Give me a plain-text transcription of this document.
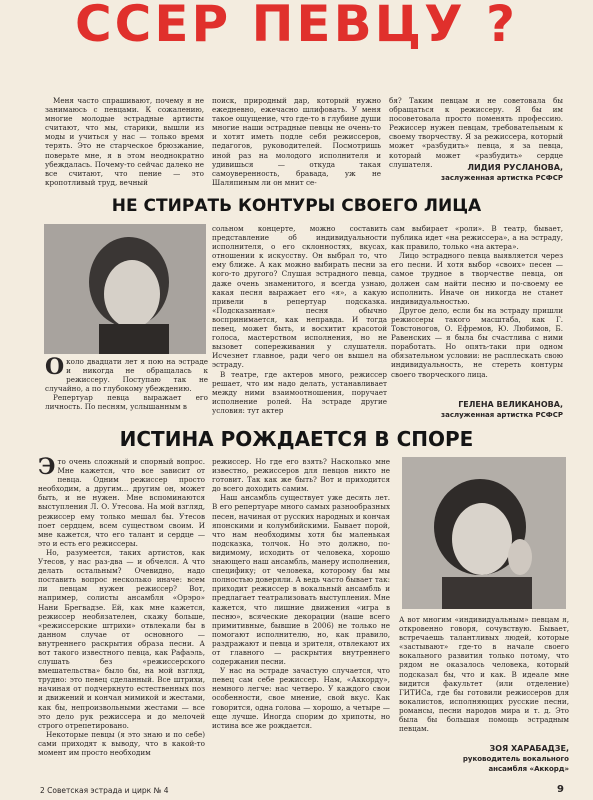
ССЕР ПЕВЦУ ?

Меня часто спрашивают, почему я не занимаюсь с певцами. К сожалению, многие молодые эстрадные артисты считают, что мы, старики, вышли из моды и учиться у нас — только время терять. Это не старческое брюзжание, поверьте мне, я в этом неоднократно убеждалась. Почему-то сейчас далеко не все считают, что пение — это кропотливый труд, вечный

поиск, природный дар, который нужно ежедневно, ежечасно шлифовать. У меня такое ощущение, что где-то в глубине души многие наши эстрадные певцы не очень-то и хотят иметь подле себя режиссеров, педагогов, руководителей. Посмотришь иной раз на молодого исполнителя и удивишься — откуда такая самоуверенность, бравада, уж не Шаляпиным ли он мнит се-

бя? Таким певцам я не советовала бы обращаться к режиссеру. Я бы им посоветовала просто поменять профессию. Режиссер нужен певцам, требовательным к своему творчеству. Я за режиссера, который может «разбудить» певца, я за певца, который может «разбудить» сердце слушателя.	ЛИДИЯ РУСЛАНОВА,
заслуженная артистка РСФСР
НЕ СТИРАТЬ КОНТУРЫ СВОЕГО ЛИЦА

Около двадцати лет я пою на эстраде и никогда не обращалась к режиссеру. Поступаю так не случайно, а по глубокому убеждению.

Репертуар певца выражает его личность. По песням, услышанным в

сольном концерте, можно составить представление об индивидуальности исполнителя, о его склонностях, вкусах, отношении к искусству. Он выбрал то, что ему ближе. А как можно выбирать песни за кого-то другого? Слушая эстрадного певца, даже очень знаменитого, я всегда узнаю, какая песня выражает его «я», а какую привели в репертуар подсказка. «Подсказанная» песня обычно воспринимается, как неправда. И тогда певец, может быть, и восхитит красотой голоса, мастерством исполнения, но не вызовет сопереживания у слушателя. Исчезнет главное, ради чего он вышел на эстраду.

В театре, где актеров много, режиссер решает, что им надо делать, устанавливает между ними взаимоотношения, поручает исполнение ролей. На эстраде другие условия: тут актер

сам выбирает «роли». В театр, бывает, публика идет «на режиссера», а на эстраду, как правило, только «на актера».

Лицо эстрадного певца выявляется через его песни. И хотя выбор «своих» песен — самое трудное в творчестве певца, он должен сам найти песню и по-своему ее исполнить. Иначе он никогда не станет индивидуальностью.

Другое дело, если бы на эстраду пришли режиссеры такого масштаба, как Г. Товстоногов, О. Ефремов, Ю. Любимов, Б. Равенских — я была бы счастлива с ними поработать. Но опять-таки при одном обязательном условии: не расплескать свою индивидуальность, не стереть контуры своего творческого лица.

ГЕЛЕНА ВЕЛИКАНОВА,
заслуженная артистка РСФСР
ИСТИНА РОЖДАЕТСЯ В СПОРЕ

Это очень сложный и спорный вопрос. Мне кажется, что все зависит от певца. Одним режиссер просто необходим, а другим... другим он, может быть, и не нужен. Мне вспоминаются выступления Л. О. Утесова. На мой взгляд, режиссер ему только мешал бы. Утесов поет сердцем, всем существом своим. И мне кажется, что его талант и сердце — это и есть его режиссеры.

Но, разумеется, таких артистов, как Утесов, у нас раз-два — и обчелся. А что делать остальным? Очевидно, надо поставить вопрос несколько иначе: всем ли певцам нужен режиссер? Вот, например, солисты ансамбля «Орэро» Нани Брегвадзе. Ей, как мне кажется, режиссер необязателен, скажу больше, «режиссерские штрихи» отвлекали бы в данном случае от основного — внутреннего раскрытия образа песни. А вот такого известного певца, как Рафаэль, слушать без «режиссерского вмешательства» было бы, на мой взгляд, трудно: это певец сделанный. Все штрихи, начиная от подчеркнуто естественных поз и движений и кончая мимикой и жестами, как бы, непроизвольными жестами — все это дело рук режиссера и до мелочей строго отрепетировано.

Некоторые певцы (я это знаю и по себе) сами приходят к выводу, что в какой-то момент им просто необходим

режиссер. Но где его взять? Насколько мне известно, режиссеров для певцов никто не готовит. Так как же быть? Вот и приходится до всего доходить самим.

Наш ансамбль существует уже десять лет. В его репертуаре много самых разнообразных песен, начиная от русских народных и кончая японскими и колумбийскими. Бывает порой, что нам необходимы хотя бы маленькая подсказка, толчок. Но это должно, по-видимому, исходить от человека, хорошо знающего наш ансамбль, манеру исполнения, специфику; от человека, которому бы мы полностью доверяли. А ведь часто бывает так: приходит режиссер в вокальный ансамбль и предлагает театрализовать выступления. Мне кажется, что лишние движения «игра в песню», всяческие декорации (наше всего примитивные, бывшие в 2006) не только не помогают исполнителю, но, как правило, раздражают и певца и зрителя, отвлекают их от главного — раскрытия внутреннего содержания песни.

У нас на эстраде зачастую случается, что певец сам себе режиссер. Нам, «Аккорду», немного легче: нас четверо. У каждого свои особенности, свое мнение, свой вкус. Как говорится, одна голова — хорошо, а четыре — еще лучше. Иногда спорим до хрипоты, но истина все же рождается.

А вот многим «индивидуальным» певцам я, откровенно говоря, сочувствую. Бывает, встречаешь талантливых людей, которые «застывают» где-то в начале своего вокального развития только потому, что рядом не оказалось человека, который подсказал бы, что и как. В идеале мне видится факультет (или отделение) ГИТИСа, где бы готовили режиссеров для вокалистов, исполняющих русские песни, романсы, песни народов мира и т. д. Это была бы большая помощь эстрадным певцам.

ЗОЯ ХАРАБАДЗЕ,
руководитель вокального
ансамбля «Аккорд»
2 Советская эстрада и цирк № 4	9
